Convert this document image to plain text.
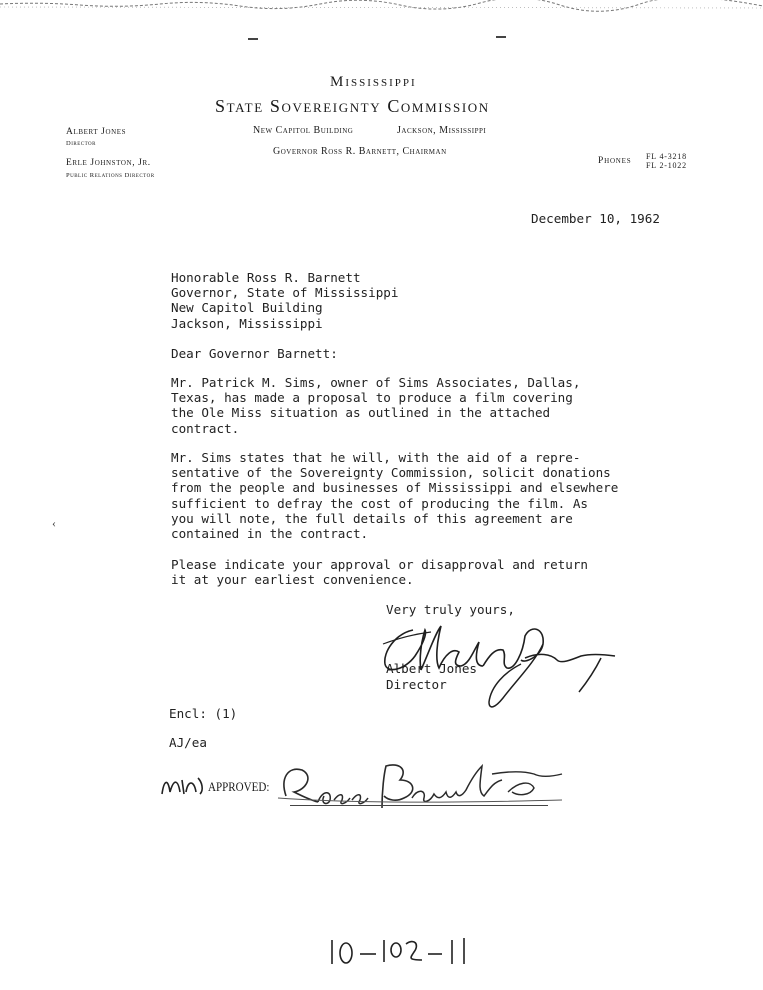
Mississippi
State Sovereignty Commission
New Capitol Building	Jackson, Mississippi
Governor Ross R. Barnett, Chairman
Albert Jones
Director
Erle Johnston, Jr.
Public Relations Director
Phones FL 4-3218
FL 2-1022
December 10, 1962
Honorable Ross R. Barnett
Governor, State of Mississippi
New Capitol Building
Jackson, Mississippi
Dear Governor Barnett:
Mr. Patrick M. Sims, owner of Sims Associates, Dallas,
Texas, has made a proposal to produce a film covering
the Ole Miss situation as outlined in the attached
contract.
Mr. Sims states that he will, with the aid of a repre-
sentative of the Sovereignty Commission, solicit donations
from the people and businesses of Mississippi and elsewhere
sufficient to defray the cost of producing the film. As
you will note, the full details of this agreement are
contained in the contract.
Please indicate your approval or disapproval and return
it at your earliest convenience.
Very truly yours,
Albert Jones
Director
Encl: (1)
AJ/ea
APPROVED:
‹
